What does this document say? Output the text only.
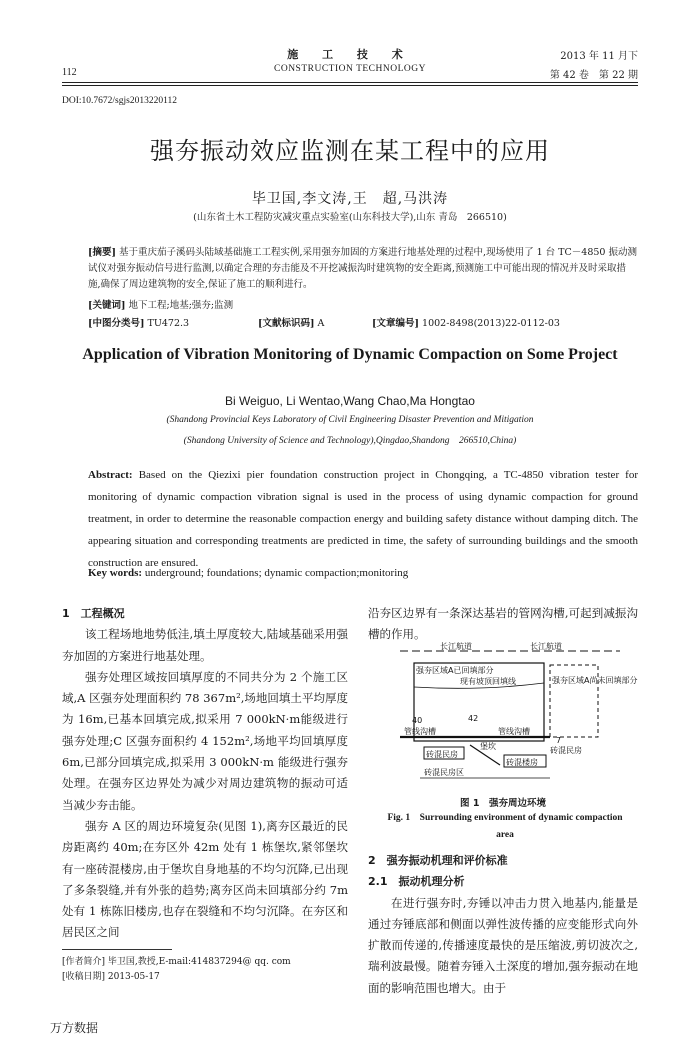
施 工 技 术
CONSTRUCTION TECHNOLOGY
112
2013 年 11 月下
第 42 卷　第 22 期
DOI:10.7672/sgjs2013220112
强夯振动效应监测在某工程中的应用
毕卫国,李文涛,王　超,马洪涛
(山东省土木工程防灾减灾重点实验室(山东科技大学),山东 青岛　266510)
[摘要] 基于重庆茄子溪码头陆域基础施工工程实例,采用强夯加固的方案进行地基处理的过程中,现场使用了 1 台 TC－4850 振动测试仪对强夯振动信号进行监测,以确定合理的夯击能及不开挖减振沟时建筑物的安全距离,预测施工中可能出现的情况并及时采取措施,确保了周边建筑物的安全,保证了施工的顺利进行。
[关键词] 地下工程;地基;强夯;监测
[中图分类号] TU472.3	[文献标识码] A	[文章编号] 1002-8498(2013)22-0112-03
Application of Vibration Monitoring of Dynamic Compaction on Some Project
Bi Weiguo, Li Wentao,Wang Chao,Ma Hongtao
(Shandong Provincial Keys Laboratory of Civil Engineering Disaster Prevention and Mitigation
(Shandong University of Science and Technology),Qingdao,Shandong　266510,China)
Abstract: Based on the Qiezixi pier foundation construction project in Chongqing, a TC-4850 vibration tester for monitoring of dynamic compaction vibration signal is used in the process of using dynamic compaction for ground treatment, in order to determine the reasonable compaction energy and building safety distance without damping ditch. The appearing situation and corresponding treatments are predicted in time, the safety of surrounding buildings and the smooth construction are ensured.
Key words: underground; foundations; dynamic compaction;monitoring
1　工程概况

该工程场地地势低洼,填土厚度较大,陆域基础采用强夯加固的方案进行地基处理。

强夯处理区域按回填厚度的不同共分为 2 个施工区域,A 区强夯处理面积约 78 367m²,场地回填土平均厚度为 16m,已基本回填完成,拟采用 7 000kN·m能级进行强夯处理;C 区强夯面积约 4 152m²,场地平均回填厚度 6m,已部分回填完成,拟采用 3 000kN·m 能级进行强夯处理。在强夯区边界处为减少对周边建筑物的振动可适当减少夯击能。

强夯 A 区的周边环境复杂(见图 1),离夯区最近的民房距离约 40m;在夯区外 42m 处有 1 栋堡坎,紧邻堡坎有一座砖混楼房,由于堡坎自身地基的不均匀沉降,已出现了多条裂缝,并有外张的趋势;离夯区尚未回填部分约 7m 处有 1 栋陈旧楼房,也存在裂缝和不均匀沉降。在夯区和居民区之间

沿夯区边界有一条深达基岩的管网沟槽,可起到减振沟槽的作用。

长江航道	长江航道
强夯区域A已回填部分
现有坡顶回填线	强夯区域A尚未回填部分
管线沟槽	管线沟槽
堡坎
砖混民房
砖混楼房
砖混民房
砖混民房区
42
40
7
图 1　强夯周边环境
Fig. 1　Surrounding environment of dynamic compaction area
2　强夯振动机理和评价标准
2.1　振动机理分析

在进行强夯时,夯锤以冲击力贯入地基内,能量是通过夯锤底部和侧面以弹性波传播的应变能形式向外扩散而传递的,传播速度最快的是压缩波,剪切波次之,瑞利波最慢。随着夯锤入土深度的增加,强夯振动在地面的影响范围也增大。由于

[作者简介] 毕卫国,教授,E-mail:414837294@ qq. com
[收稿日期] 2013-05-17
万方数据
